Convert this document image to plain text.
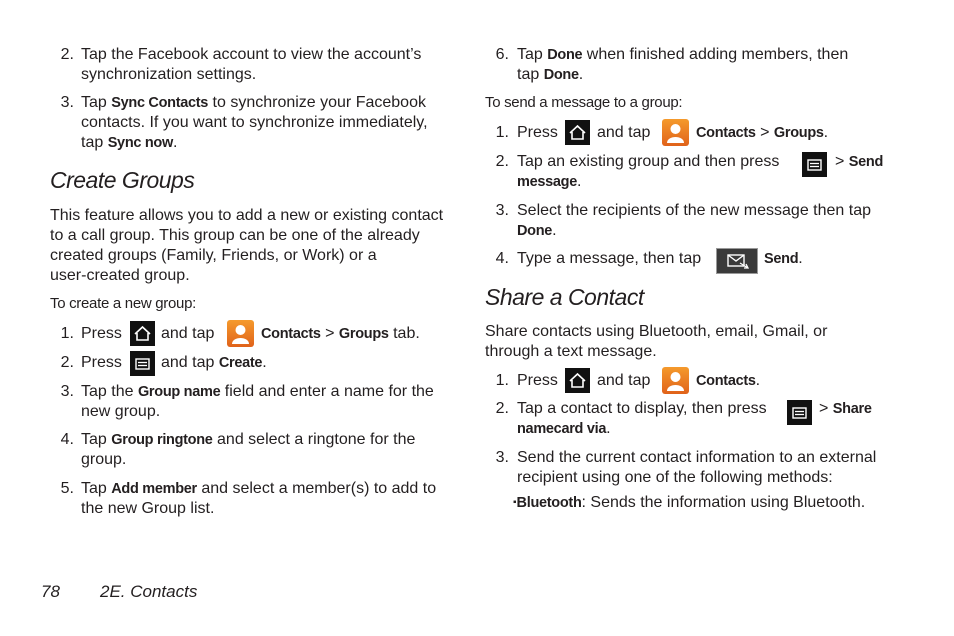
2. Tap the Facebook account to view the account’s
synchronization settings.
3. Tap Sync Contacts to synchronize your Facebook
contacts. If you want to synchronize immediately,
tap Sync now.
Create Groups
This feature allows you to add a new or existing contact
to a call group. This group can be one of the already
created groups (Family, Friends, or Work) or a
user-created group.
To create a new group:
1. Press and tap	Contacts > Groups tab.
2. Press and tap Create.
3. Tap the Group name field and enter a name for the
new group.
4. Tap Group ringtone and select a ringtone for the
group.
5. Tap Add member and select a member(s) to add to
the new Group list.
6. Tap Done when finished adding members, then
tap Done.
To send a message to a group:
1. Press and tap	Contacts > Groups.
2. Tap an existing group and then press	> Send
message.
3. Select the recipients of the new message then tap
Done.
4. Type a message, then tap	Send.
Share a Contact
Share contacts using Bluetooth, email, Gmail, or
through a text message.
1. Press and tap	Contacts.
2. Tap a contact to display, then press	> Share
namecard via.
3. Send the current contact information to an external
recipient using one of the following methods:
▪Bluetooth: Sends the information using Bluetooth.
78 2E. Contacts
